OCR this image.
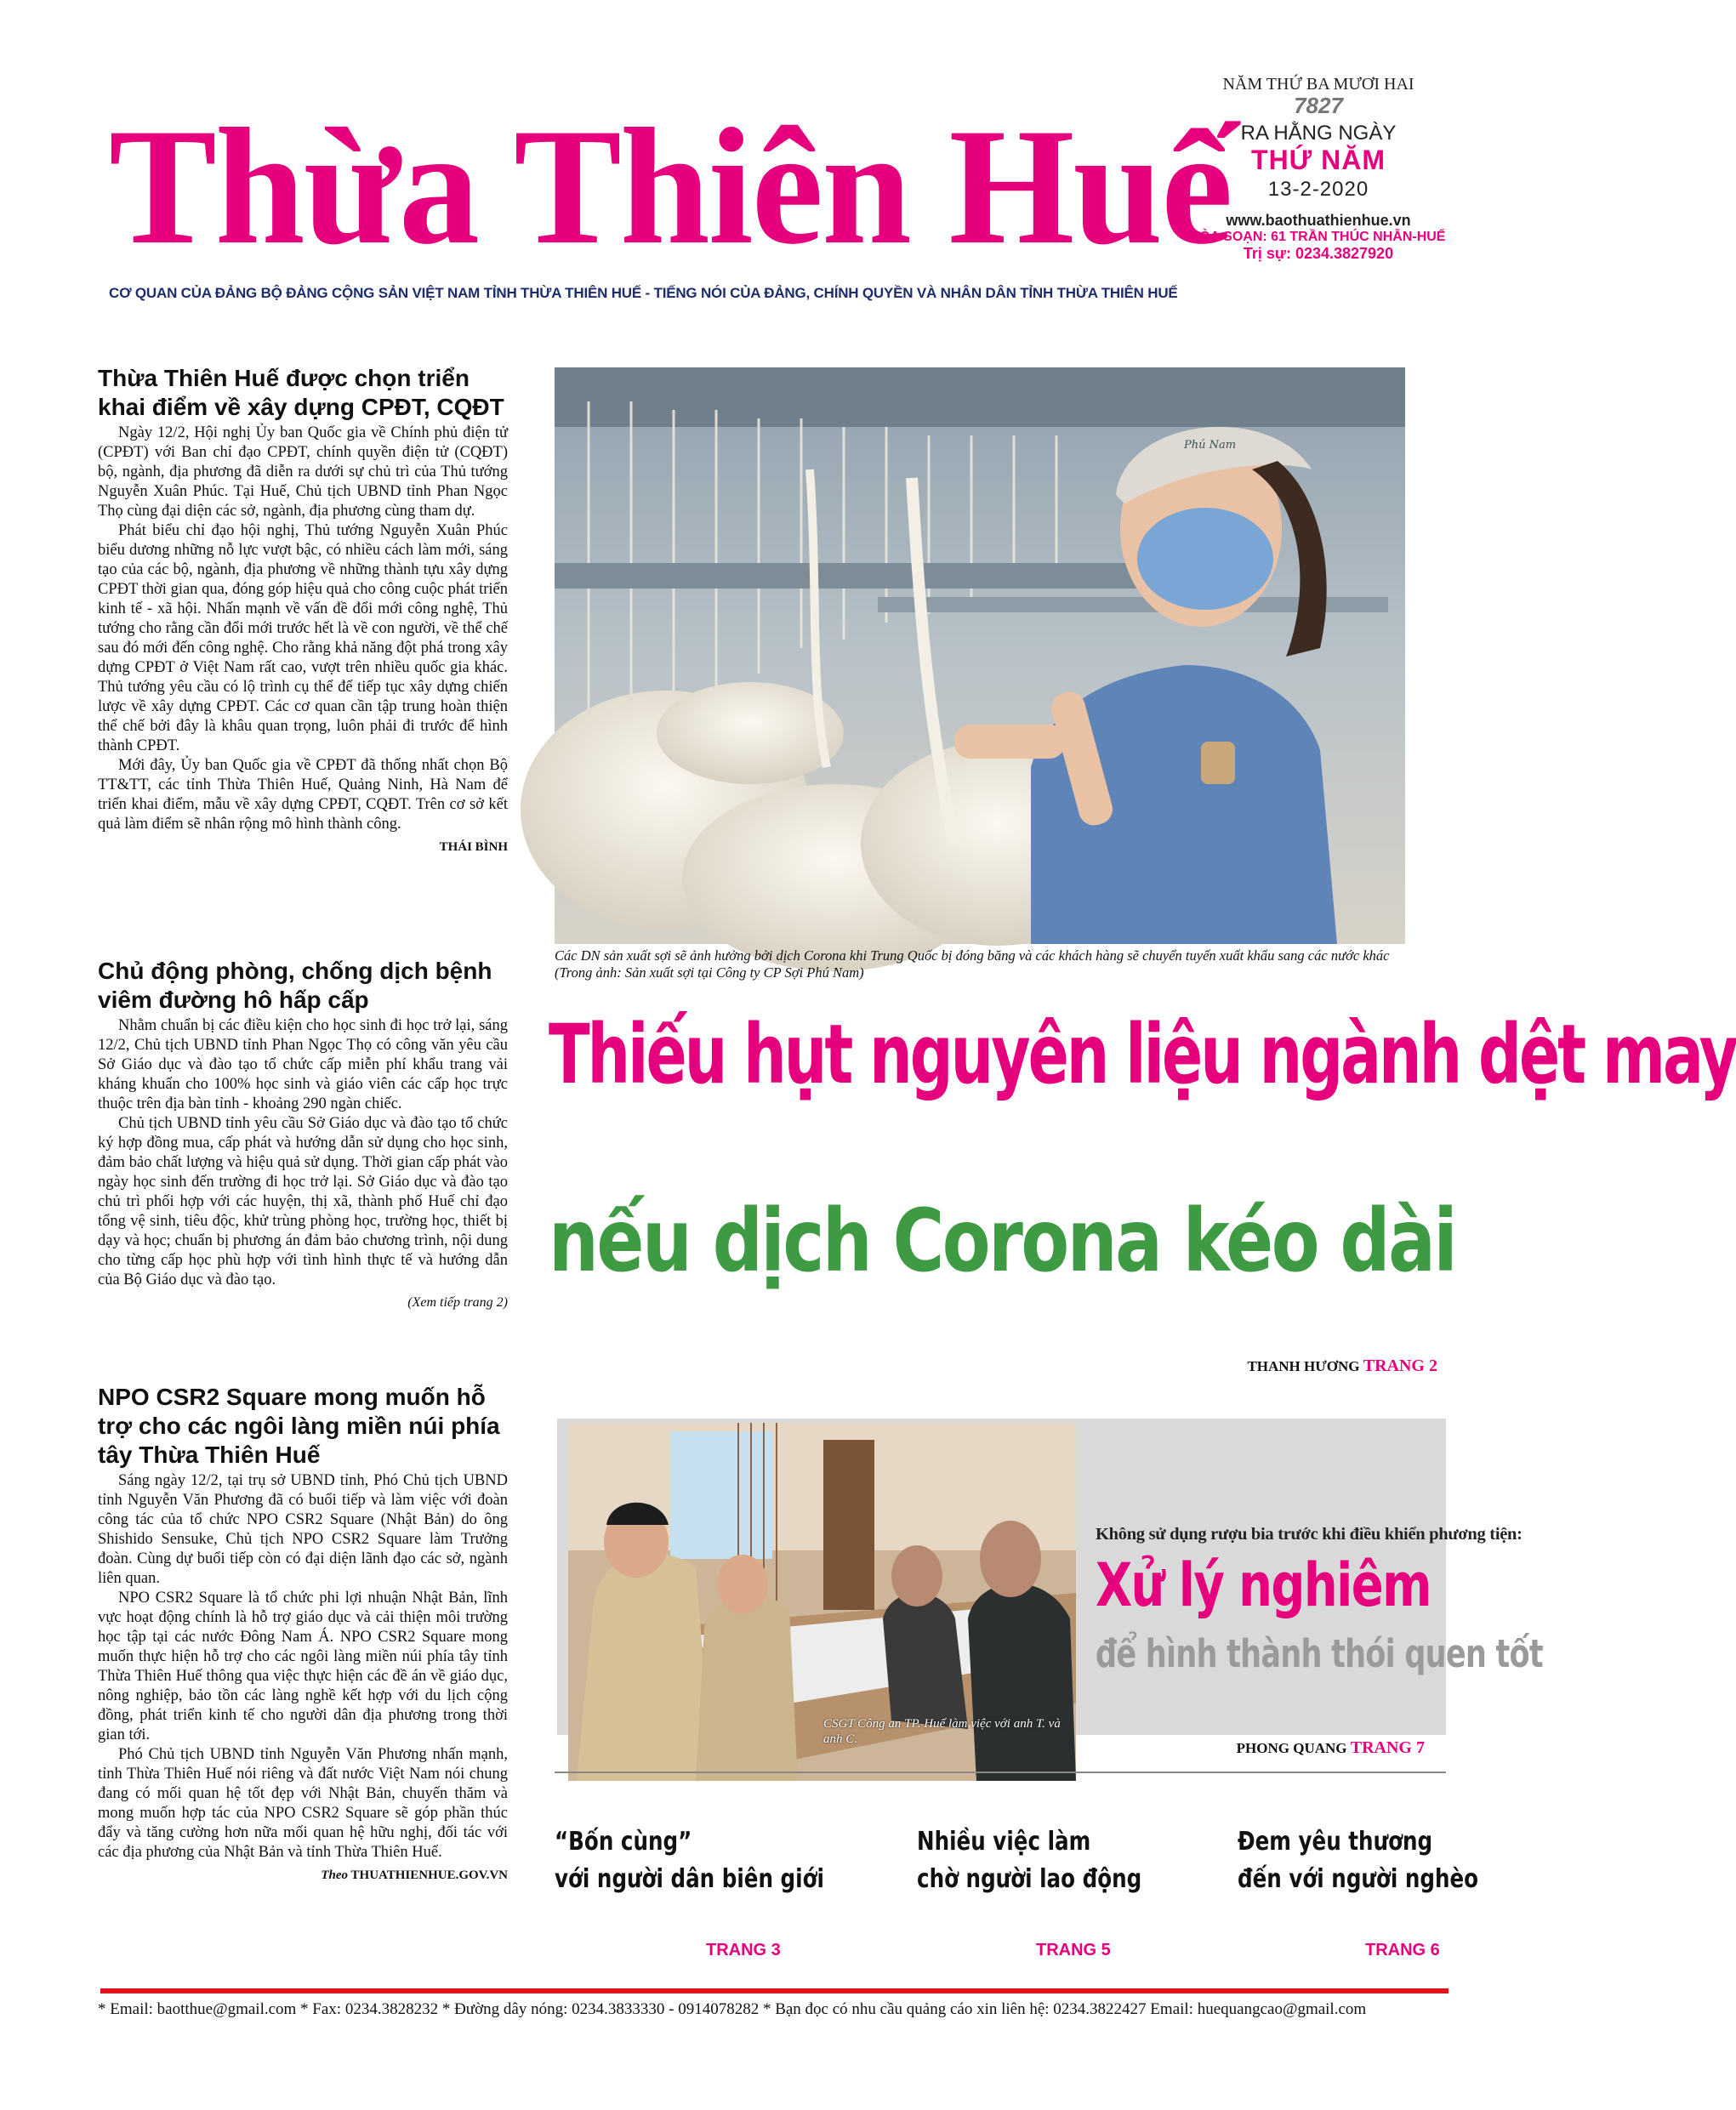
Thừa Thiên Huế
CƠ QUAN CỦA ĐẢNG BỘ ĐẢNG CỘNG SẢN VIỆT NAM TỈNH THỪA THIÊN HUẾ - TIẾNG NÓI CỦA ĐẢNG, CHÍNH QUYỀN VÀ NHÂN DÂN TỈNH THỪA THIÊN HUẾ
NĂM THỨ BA MƯƠI HAI
7827
RA HẰNG NGÀY
THỨ NĂM
13-2-2020
www.baothuathienhue.vn
TÒA SOẠN: 61 TRẦN THÚC NHẪN-HUẾ
Trị sự: 0234.3827920
Thừa Thiên Huế được chọn triển khai điểm về xây dựng CPĐT, CQĐT

Ngày 12/2, Hội nghị Ủy ban Quốc gia về Chính phủ điện tử (CPĐT) với Ban chỉ đạo CPĐT, chính quyền điện tử (CQĐT) bộ, ngành, địa phương đã diễn ra dưới sự chủ trì của Thủ tướng Nguyễn Xuân Phúc. Tại Huế, Chủ tịch UBND tỉnh Phan Ngọc Thọ cùng đại diện các sở, ngành, địa phương cùng tham dự.

Phát biểu chỉ đạo hội nghị, Thủ tướng Nguyễn Xuân Phúc biểu dương những nỗ lực vượt bậc, có nhiều cách làm mới, sáng tạo của các bộ, ngành, địa phương về những thành tựu xây dựng CPĐT thời gian qua, đóng góp hiệu quả cho công cuộc phát triển kinh tế - xã hội. Nhấn mạnh về vấn đề đổi mới công nghệ, Thủ tướng cho rằng cần đổi mới trước hết là về con người, về thể chế sau đó mới đến công nghệ. Cho rằng khả năng đột phá trong xây dựng CPĐT ở Việt Nam rất cao, vượt trên nhiều quốc gia khác. Thủ tướng yêu cầu có lộ trình cụ thể để tiếp tục xây dựng chiến lược về xây dựng CPĐT. Các cơ quan cần tập trung hoàn thiện thể chế bởi đây là khâu quan trọng, luôn phải đi trước để hình thành CPĐT.

Mới đây, Ủy ban Quốc gia về CPĐT đã thống nhất chọn Bộ TT&TT, các tỉnh Thừa Thiên Huế, Quảng Ninh, Hà Nam để triển khai điểm, mẫu về xây dựng CPĐT, CQĐT. Trên cơ sở kết quả làm điểm sẽ nhân rộng mô hình thành công.

THÁI BÌNH
Chủ động phòng, chống dịch bệnh viêm đường hô hấp cấp

Nhằm chuẩn bị các điều kiện cho học sinh đi học trở lại, sáng 12/2, Chủ tịch UBND tỉnh Phan Ngọc Thọ có công văn yêu cầu Sở Giáo dục và đào tạo tổ chức cấp miễn phí khẩu trang vải kháng khuẩn cho 100% học sinh và giáo viên các cấp học trực thuộc trên địa bàn tỉnh - khoảng 290 ngàn chiếc.

Chủ tịch UBND tỉnh yêu cầu Sở Giáo dục và đào tạo tổ chức ký hợp đồng mua, cấp phát và hướng dẫn sử dụng cho học sinh, đảm bảo chất lượng và hiệu quả sử dụng. Thời gian cấp phát vào ngày học sinh đến trường đi học trở lại. Sở Giáo dục và đào tạo chủ trì phối hợp với các huyện, thị xã, thành phố Huế chỉ đạo tổng vệ sinh, tiêu độc, khử trùng phòng học, trường học, thiết bị dạy và học; chuẩn bị phương án đảm bảo chương trình, nội dung cho từng cấp học phù hợp với tình hình thực tế và hướng dẫn của Bộ Giáo dục và đào tạo.

(Xem tiếp trang 2)
NPO CSR2 Square mong muốn hỗ trợ cho các ngôi làng miền núi phía tây Thừa Thiên Huế

Sáng ngày 12/2, tại trụ sở UBND tỉnh, Phó Chủ tịch UBND tỉnh Nguyễn Văn Phương đã có buổi tiếp và làm việc với đoàn công tác của tổ chức NPO CSR2 Square (Nhật Bản) do ông Shishido Sensuke, Chủ tịch NPO CSR2 Square làm Trưởng đoàn. Cùng dự buổi tiếp còn có đại diện lãnh đạo các sở, ngành liên quan.

NPO CSR2 Square là tổ chức phi lợi nhuận Nhật Bản, lĩnh vực hoạt động chính là hỗ trợ giáo dục và cải thiện môi trường học tập tại các nước Đông Nam Á. NPO CSR2 Square mong muốn thực hiện hỗ trợ cho các ngôi làng miền núi phía tây tỉnh Thừa Thiên Huế thông qua việc thực hiện các đề án về giáo dục, nông nghiệp, bảo tồn các làng nghề kết hợp với du lịch cộng đồng, phát triển kinh tế cho người dân địa phương trong thời gian tới.

Phó Chủ tịch UBND tỉnh Nguyễn Văn Phương nhấn mạnh, tỉnh Thừa Thiên Huế nói riêng và đất nước Việt Nam nói chung đang có mối quan hệ tốt đẹp với Nhật Bản, chuyến thăm và mong muốn hợp tác của NPO CSR2 Square sẽ góp phần thúc đẩy và tăng cường hơn nữa mối quan hệ hữu nghị, đối tác với các địa phương của Nhật Bản và tỉnh Thừa Thiên Huế.

Theo THUATHIENHUE.GOV.VN
Phú Nam
Các DN sản xuất sợi sẽ ảnh hưởng bởi dịch Corona khi Trung Quốc bị đóng băng và các khách hàng sẽ chuyển tuyến xuất khẩu sang các nước khác (Trong ảnh: Sản xuất sợi tại Công ty CP Sợi Phú Nam)
Thiếu hụt nguyên liệu ngành dệt may
nếu dịch Corona kéo dài
THANH HƯƠNG TRANG 2
CSGT Công an TP. Huế làm việc với anh T. và anh C.
Không sử dụng rượu bia trước khi điều khiển phương tiện:
Xử lý nghiêm
để hình thành thói quen tốt
PHONG QUANG TRANG 7
“Bốn cùng”
với người dân biên giới
TRANG 3
Nhiều việc làm
chờ người lao động
TRANG 5
Đem yêu thương
đến với người nghèo
TRANG 6
* Email: baotthue@gmail.com * Fax: 0234.3828232 * Đường dây nóng: 0234.3833330 - 0914078282 * Bạn đọc có nhu cầu quảng cáo xin liên hệ: 0234.3822427 Email: huequangcao@gmail.com
